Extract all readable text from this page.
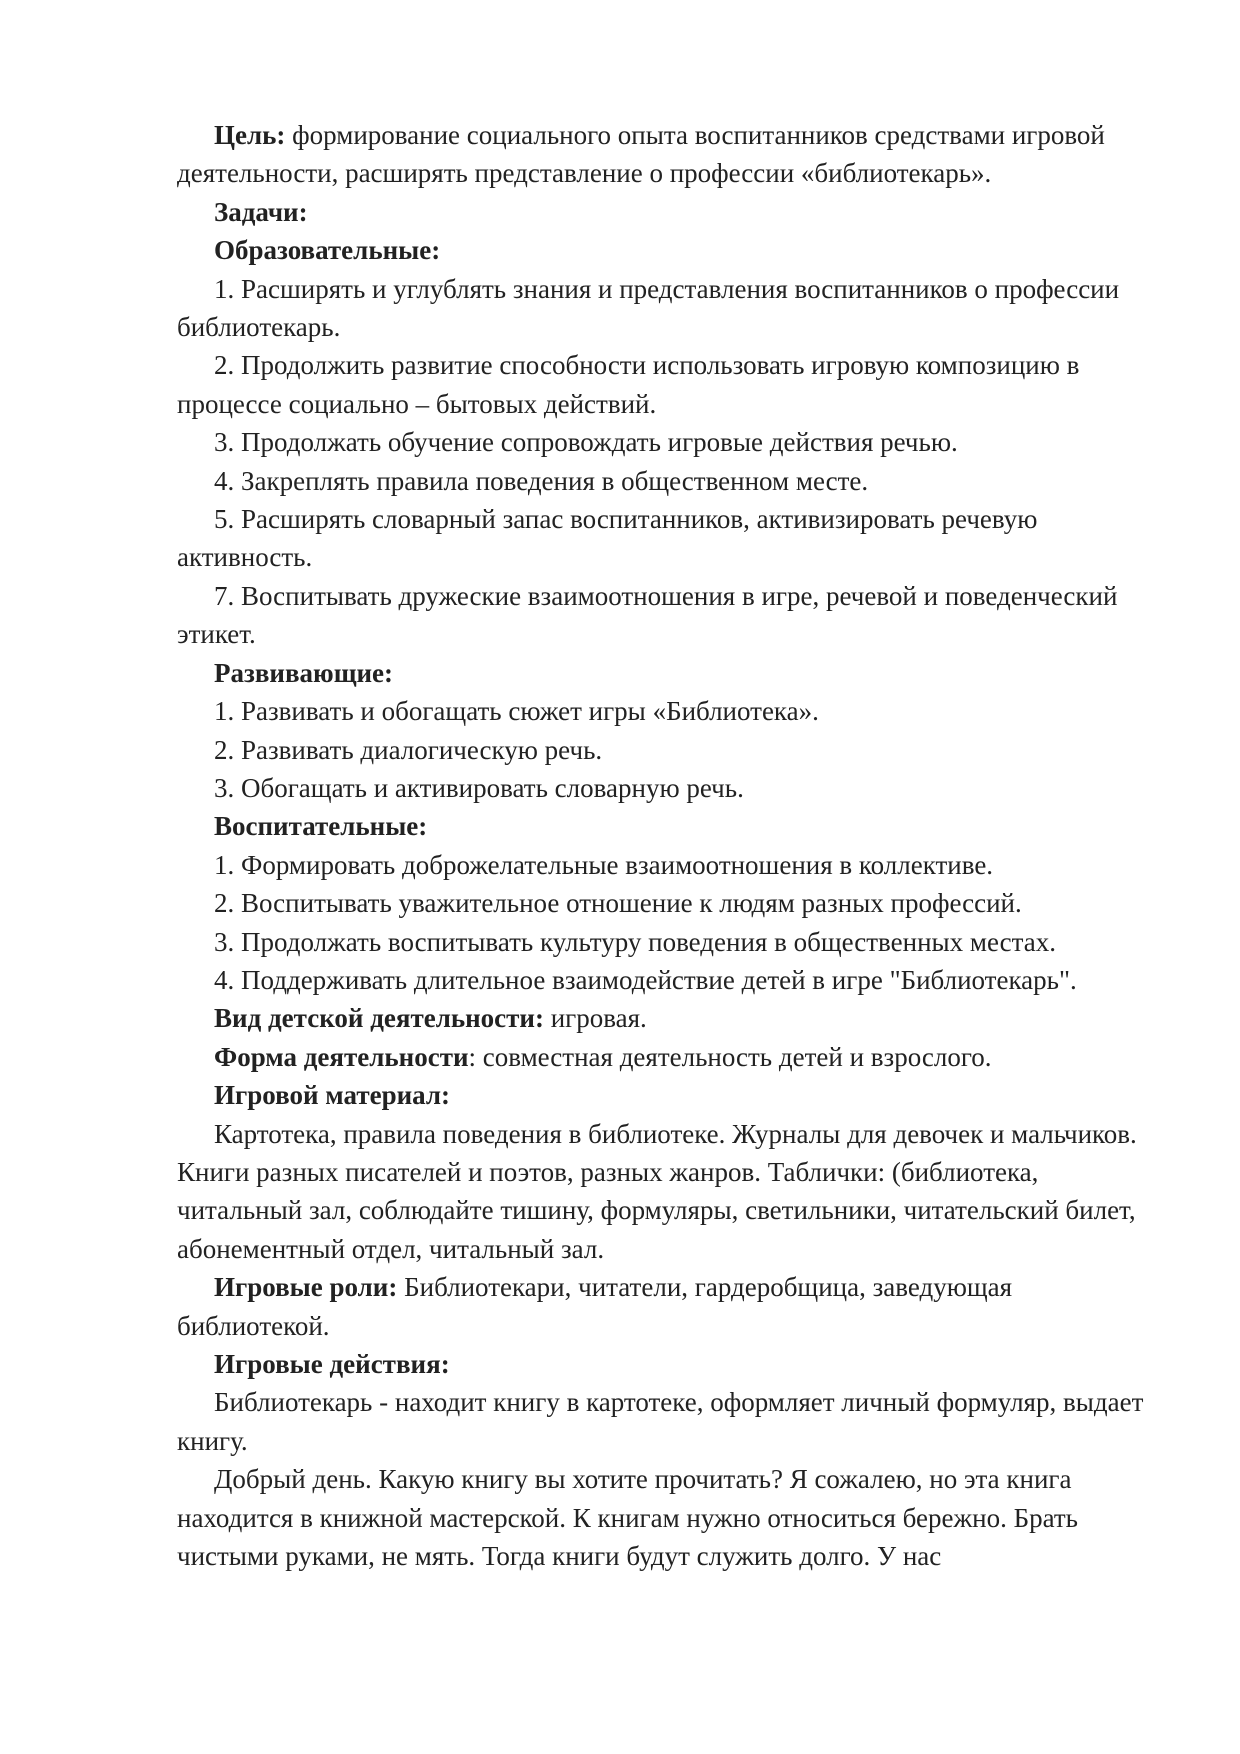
Цель: формирование социального опыта воспитанников средствами игровой деятельности, расширять представление о профессии «библиотекарь».

Задачи:

Образовательные:

1. Расширять и углублять знания и представления воспитанников о профессии библиотекарь.

2. Продолжить развитие способности использовать игровую композицию в процессе социально – бытовых действий.

3. Продолжать обучение сопровождать игровые действия речью.

4. Закреплять правила поведения в общественном месте.

5. Расширять словарный запас воспитанников, активизировать речевую активность.

7. Воспитывать дружеские взаимоотношения в игре, речевой и поведенческий этикет.

Развивающие:

1. Развивать и обогащать сюжет игры «Библиотека».

2. Развивать диалогическую речь.

3. Обогащать и активировать словарную речь.

Воспитательные:

1. Формировать доброжелательные взаимоотношения в коллективе.

2. Воспитывать уважительное отношение к людям разных профессий.

3. Продолжать воспитывать культуру поведения в общественных местах.

4. Поддерживать длительное взаимодействие детей в игре "Библиотекарь".

Вид детской деятельности: игровая.

Форма деятельности: совместная деятельность детей и взрослого.

Игровой материал:

Картотека, правила поведения в библиотеке. Журналы для девочек и мальчиков. Книги разных писателей и поэтов, разных жанров. Таблички: (библиотека, читальный зал, соблюдайте тишину, формуляры, светильники, читательский билет, абонементный отдел, читальный зал.

Игровые роли: Библиотекари, читатели, гардеробщица, заведующая библиотекой.

Игровые действия:

Библиотекарь - находит книгу в картотеке, оформляет личный формуляр, выдает книгу.

Добрый день. Какую книгу вы хотите прочитать? Я сожалею, но эта книга находится в книжной мастерской. К книгам нужно относиться бережно. Брать чистыми руками, не мять. Тогда книги будут служить долго. У нас
